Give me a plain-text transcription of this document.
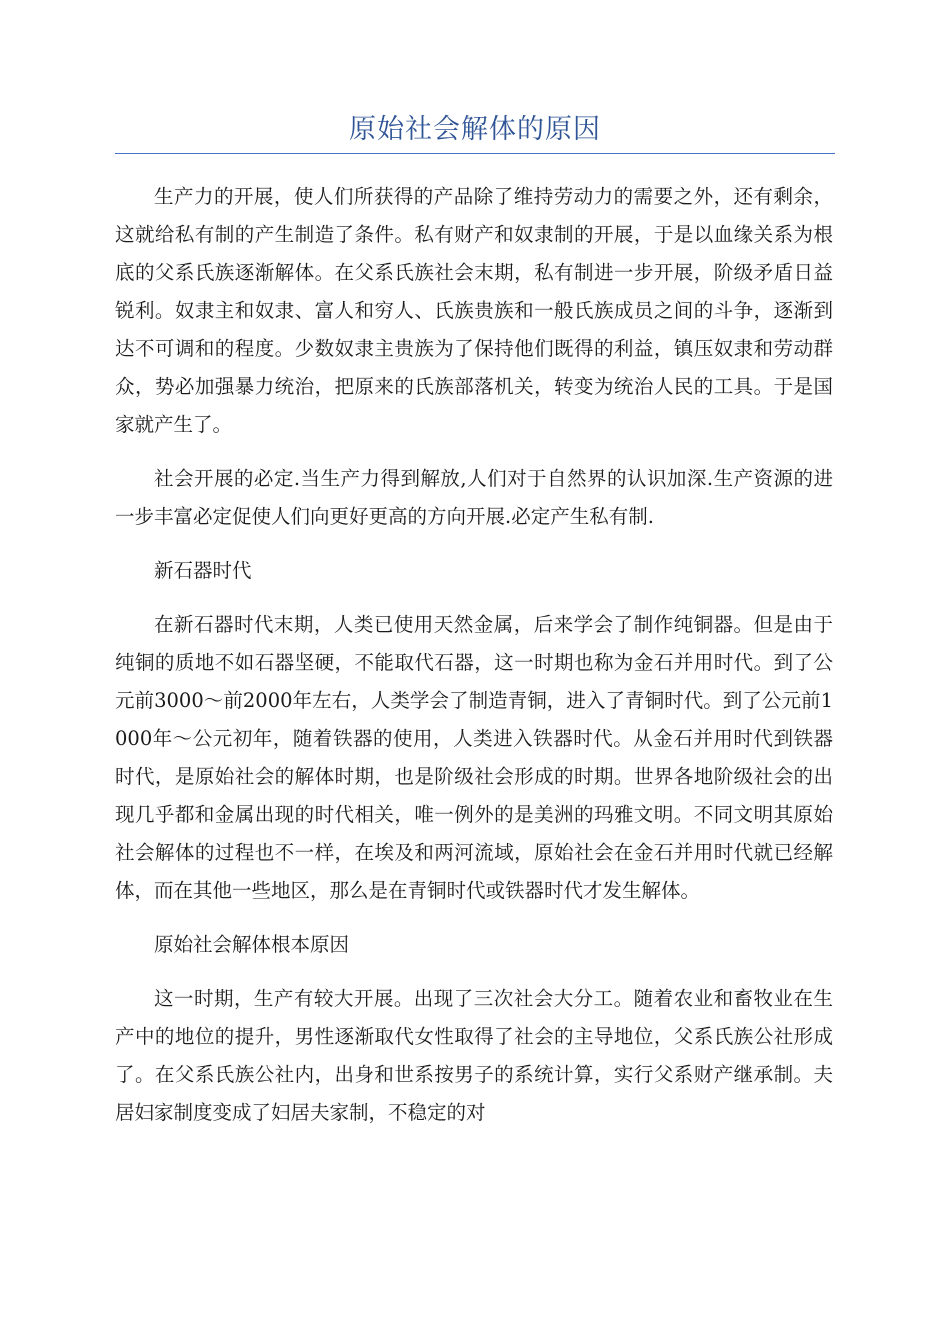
原始社会解体的原因

生产力的开展，使人们所获得的产品除了维持劳动力的需要之外，还有剩余，这就给私有制的产生制造了条件。私有财产和奴隶制的开展，于是以血缘关系为根底的父系氏族逐渐解体。在父系氏族社会末期，私有制进一步开展，阶级矛盾日益锐利。奴隶主和奴隶、富人和穷人、氏族贵族和一般氏族成员之间的斗争，逐渐到达不可调和的程度。少数奴隶主贵族为了保持他们既得的利益，镇压奴隶和劳动群众，势必加强暴力统治，把原来的氏族部落机关，转变为统治人民的工具。于是国家就产生了。

社会开展的必定.当生产力得到解放,人们对于自然界的认识加深.生产资源的进一步丰富必定促使人们向更好更高的方向开展.必定产生私有制.

新石器时代

在新石器时代末期，人类已使用天然金属，后来学会了制作纯铜器。但是由于纯铜的质地不如石器坚硬，不能取代石器，这一时期也称为金石并用时代。到了公元前3000～前2000年左右，人类学会了制造青铜，进入了青铜时代。到了公元前1000年～公元初年，随着铁器的使用，人类进入铁器时代。从金石并用时代到铁器时代，是原始社会的解体时期，也是阶级社会形成的时期。世界各地阶级社会的出现几乎都和金属出现的时代相关，唯一例外的是美洲的玛雅文明。不同文明其原始社会解体的过程也不一样，在埃及和两河流域，原始社会在金石并用时代就已经解体，而在其他一些地区，那么是在青铜时代或铁器时代才发生解体。

原始社会解体根本原因

这一时期，生产有较大开展。出现了三次社会大分工。随着农业和畜牧业在生产中的地位的提升，男性逐渐取代女性取得了社会的主导地位，父系氏族公社形成了。在父系氏族公社内，出身和世系按男子的系统计算，实行父系财产继承制。夫居妇家制度变成了妇居夫家制，不稳定的对
